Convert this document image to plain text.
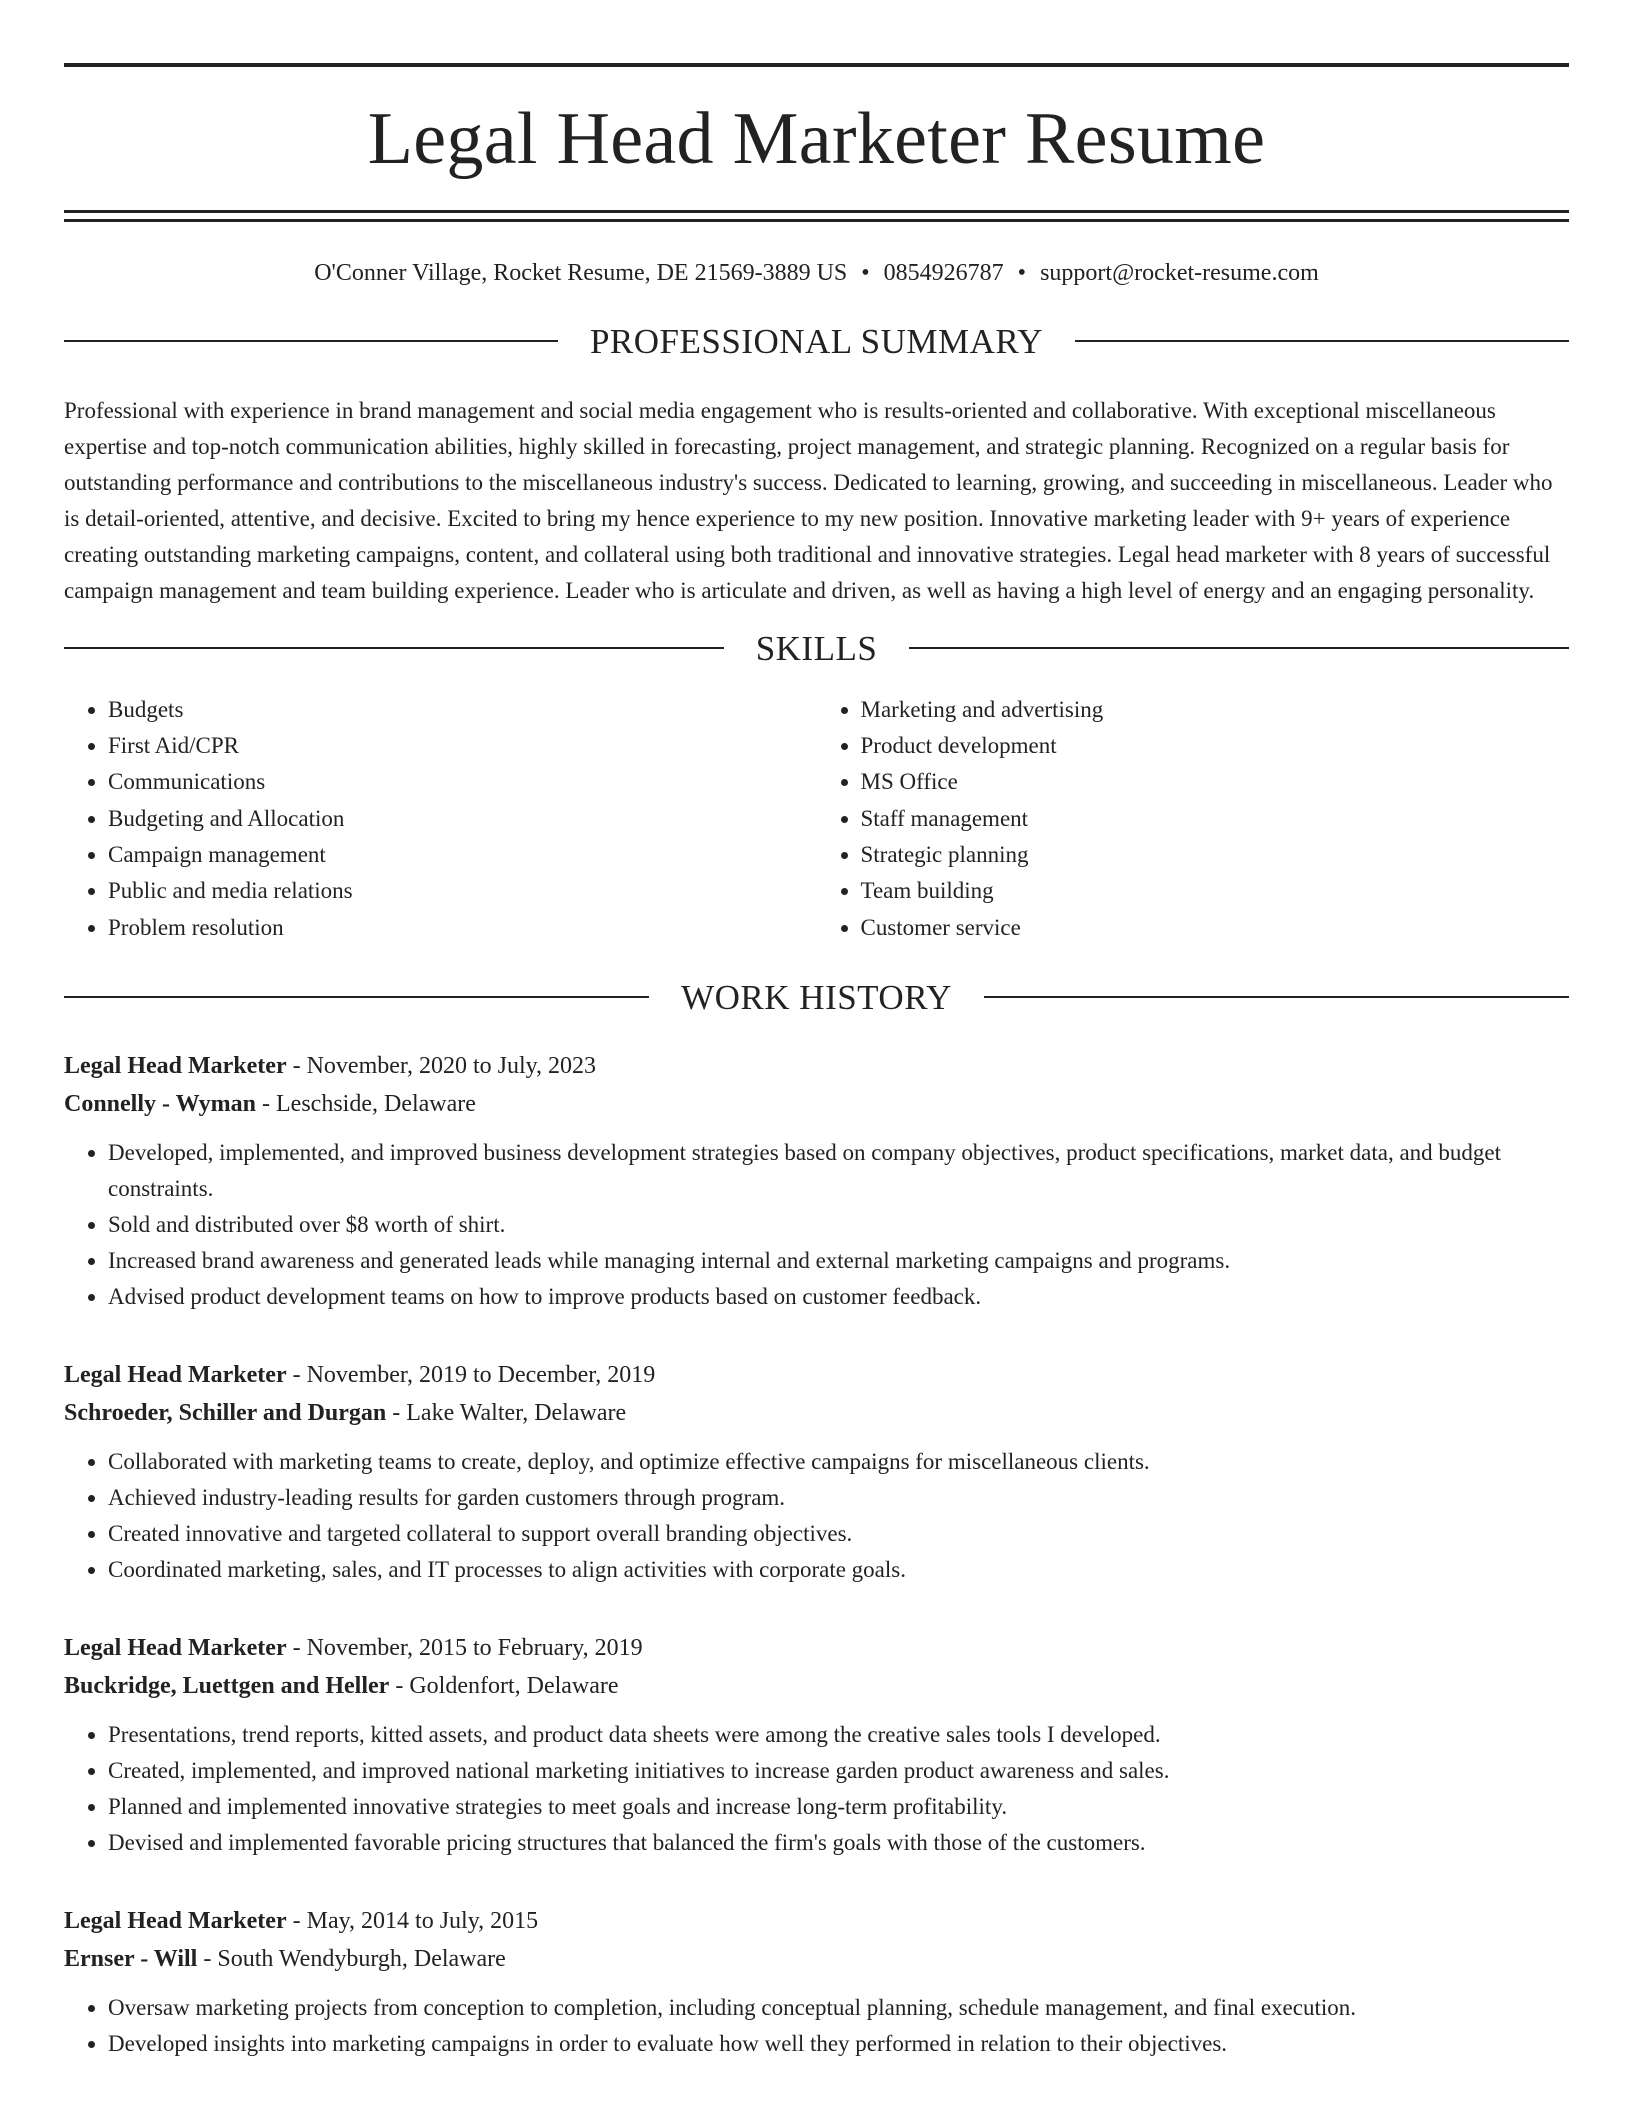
Legal Head Marketer Resume
O'Conner Village, Rocket Resume, DE 21569-3889 US • 0854926787 • support@rocket-resume.com
PROFESSIONAL SUMMARY

Professional with experience in brand management and social media engagement who is results-oriented and collaborative. With exceptional miscellaneous expertise and top-notch communication abilities, highly skilled in forecasting, project management, and strategic planning. Recognized on a regular basis for outstanding performance and contributions to the miscellaneous industry's success. Dedicated to learning, growing, and succeeding in miscellaneous. Leader who is detail-oriented, attentive, and decisive. Excited to bring my hence experience to my new position. Innovative marketing leader with 9+ years of experience creating outstanding marketing campaigns, content, and collateral using both traditional and innovative strategies. Legal head marketer with 8 years of successful campaign management and team building experience. Leader who is articulate and driven, as well as having a high level of energy and an engaging personality.

SKILLS
• Budgets
• First Aid/CPR
• Communications
• Budgeting and Allocation
• Campaign management
• Public and media relations
• Problem resolution
• Marketing and advertising
• Product development
• MS Office
• Staff management
• Strategic planning
• Team building
• Customer service
WORK HISTORY
Legal Head Marketer - November, 2020 to July, 2023
Connelly - Wyman - Leschside, Delaware
• Developed, implemented, and improved business development strategies based on company objectives, product specifications, market data, and budget constraints.
• Sold and distributed over $8 worth of shirt.
• Increased brand awareness and generated leads while managing internal and external marketing campaigns and programs.
• Advised product development teams on how to improve products based on customer feedback.
Legal Head Marketer - November, 2019 to December, 2019
Schroeder, Schiller and Durgan - Lake Walter, Delaware
• Collaborated with marketing teams to create, deploy, and optimize effective campaigns for miscellaneous clients.
• Achieved industry-leading results for garden customers through program.
• Created innovative and targeted collateral to support overall branding objectives.
• Coordinated marketing, sales, and IT processes to align activities with corporate goals.
Legal Head Marketer - November, 2015 to February, 2019
Buckridge, Luettgen and Heller - Goldenfort, Delaware
• Presentations, trend reports, kitted assets, and product data sheets were among the creative sales tools I developed.
• Created, implemented, and improved national marketing initiatives to increase garden product awareness and sales.
• Planned and implemented innovative strategies to meet goals and increase long-term profitability.
• Devised and implemented favorable pricing structures that balanced the firm's goals with those of the customers.
Legal Head Marketer - May, 2014 to July, 2015
Ernser - Will - South Wendyburgh, Delaware
• Oversaw marketing projects from conception to completion, including conceptual planning, schedule management, and final execution.
• Developed insights into marketing campaigns in order to evaluate how well they performed in relation to their objectives.
